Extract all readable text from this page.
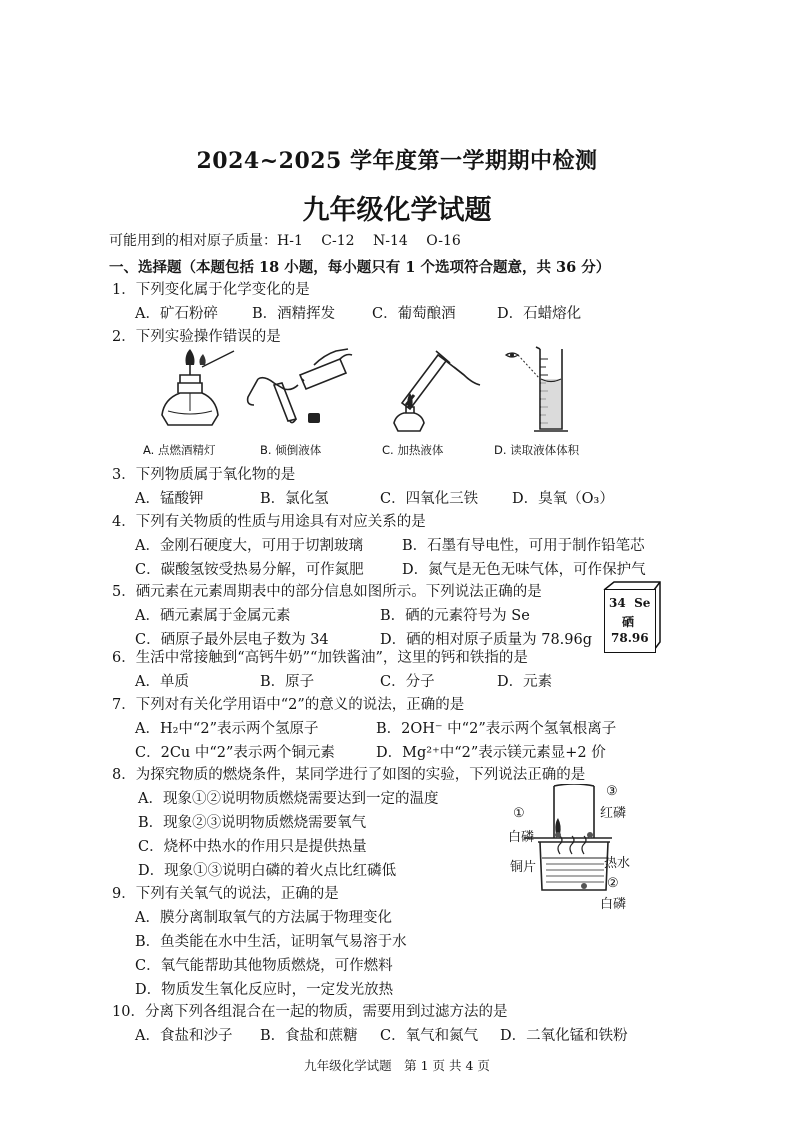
2024~2025 学年度第一学期期中检测
九年级化学试题
可能用到的相对原子质量：H-1　 C-12　 N-14　 O-16
一、选择题（本题包括 18 小题，每小题只有 1 个选项符合题意，共 36 分）
1．下列变化属于化学变化的是
A．矿石粉碎 B．酒精挥发	C．葡萄酿酒	D．石蜡熔化
2．下列实验操作错误的是
A. 点燃酒精灯	B. 倾倒液体	C. 加热液体	D. 读取液体体积
3．下列物质属于氧化物的是
A．锰酸钾	B．氯化氢	C．四氧化三铁 D．臭氧（O₃）
4．下列有关物质的性质与用途具有对应关系的是
A．金刚石硬度大，可用于切割玻璃	B．石墨有导电性，可用于制作铅笔芯
C．碳酸氢铵受热易分解，可作氮肥	D．氮气是无色无味气体，可作保护气
5．硒元素在元素周期表中的部分信息如图所示。下列说法正确的是
A．硒元素属于金属元素	B．硒的元素符号为 Se
C．硒原子最外层电子数为 34	D．硒的相对原子质量为 78.96g
34 Se
硒
78.96
6．生活中常接触到“高钙牛奶”“加铁酱油”，这里的钙和铁指的是
A．单质	B．原子	C．分子	D．元素
7．下列对有关化学用语中“2”的意义的说法，正确的是
A．H₂中“2”表示两个氢原子	B．2OH⁻ 中“2”表示两个氢氧根离子
C．2Cu 中“2”表示两个铜元素	D．Mg²⁺中“2”表示镁元素显+2 价
8．为探究物质的燃烧条件，某同学进行了如图的实验，下列说法正确的是
A．现象①②说明物质燃烧需要达到一定的温度
B．现象②③说明物质燃烧需要氧气
C．烧杯中热水的作用只是提供热量
D．现象①③说明白磷的着火点比红磷低
①
白磷
③
红磷
铜片	热水
②
白磷
9．下列有关氧气的说法，正确的是
A．膜分离制取氧气的方法属于物理变化
B．鱼类能在水中生活，证明氧气易溶于水
C．氧气能帮助其他物质燃烧，可作燃料
D．物质发生氧化反应时，一定发光放热
10．分离下列各组混合在一起的物质，需要用到过滤方法的是
A．食盐和沙子 B．食盐和蔗糖 C．氧气和氮气 D．二氧化锰和铁粉
九年级化学试题　第 1 页 共 4 页
